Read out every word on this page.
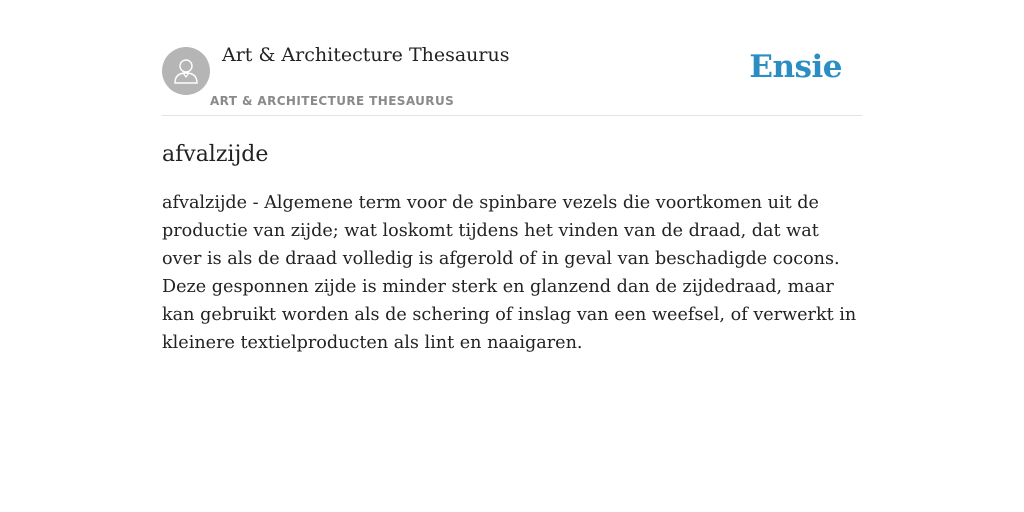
Art & Architecture Thesaurus
ART & ARCHITECTURE THESAURUS
Ensie
afvalzijde

afvalzijde - Algemene term voor de spinbare vezels die voortkomen uit de productie van zijde; wat loskomt tijdens het vinden van de draad, dat wat over is als de draad volledig is afgerold of in geval van beschadigde cocons. Deze gesponnen zijde is minder sterk en glanzend dan de zijdedraad, maar kan gebruikt worden als de schering of inslag van een weefsel, of verwerkt in kleinere textielproducten als lint en naaigaren.
